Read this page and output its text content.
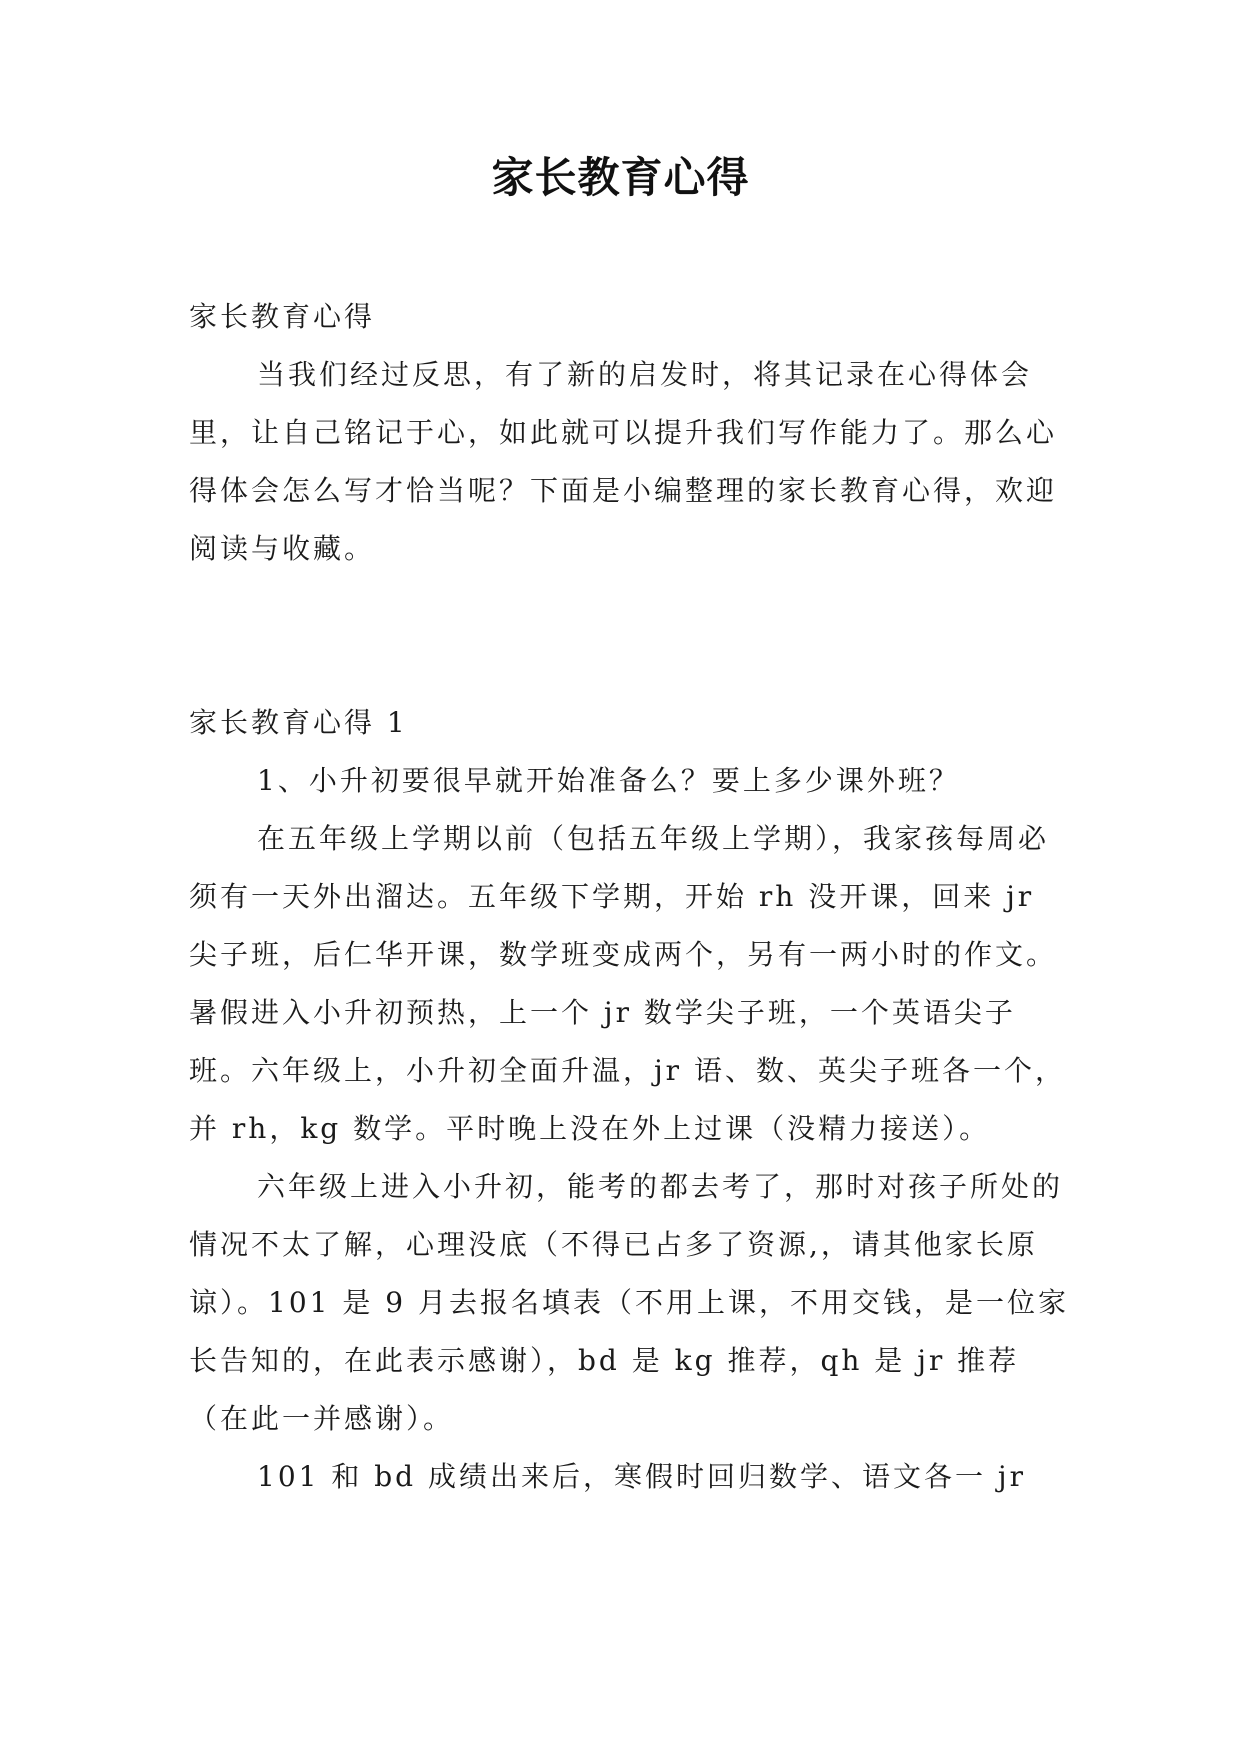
家长教育心得

家长教育心得

当我们经过反思，有了新的启发时，将其记录在心得体会里，让自己铭记于心，如此就可以提升我们写作能力了。那么心得体会怎么写才恰当呢？下面是小编整理的家长教育心得，欢迎阅读与收藏。

家长教育心得 1

1、小升初要很早就开始准备么？要上多少课外班？

在五年级上学期以前（包括五年级上学期），我家孩每周必须有一天外出溜达。五年级下学期，开始 rh 没开课，回来 jr 尖子班，后仁华开课，数学班变成两个，另有一两小时的作文。暑假进入小升初预热，上一个 jr 数学尖子班，一个英语尖子班。六年级上，小升初全面升温，jr 语、数、英尖子班各一个，并 rh，kg 数学。平时晚上没在外上过课（没精力接送）。

六年级上进入小升初，能考的都去考了，那时对孩子所处的情况不太了解，心理没底（不得已占多了资源,，请其他家长原谅）。101 是 9 月去报名填表（不用上课，不用交钱，是一位家长告知的，在此表示感谢），bd 是 kg 推荐，qh 是 jr 推荐（在此一并感谢）。

101 和 bd 成绩出来后，寒假时回归数学、语文各一 jr
